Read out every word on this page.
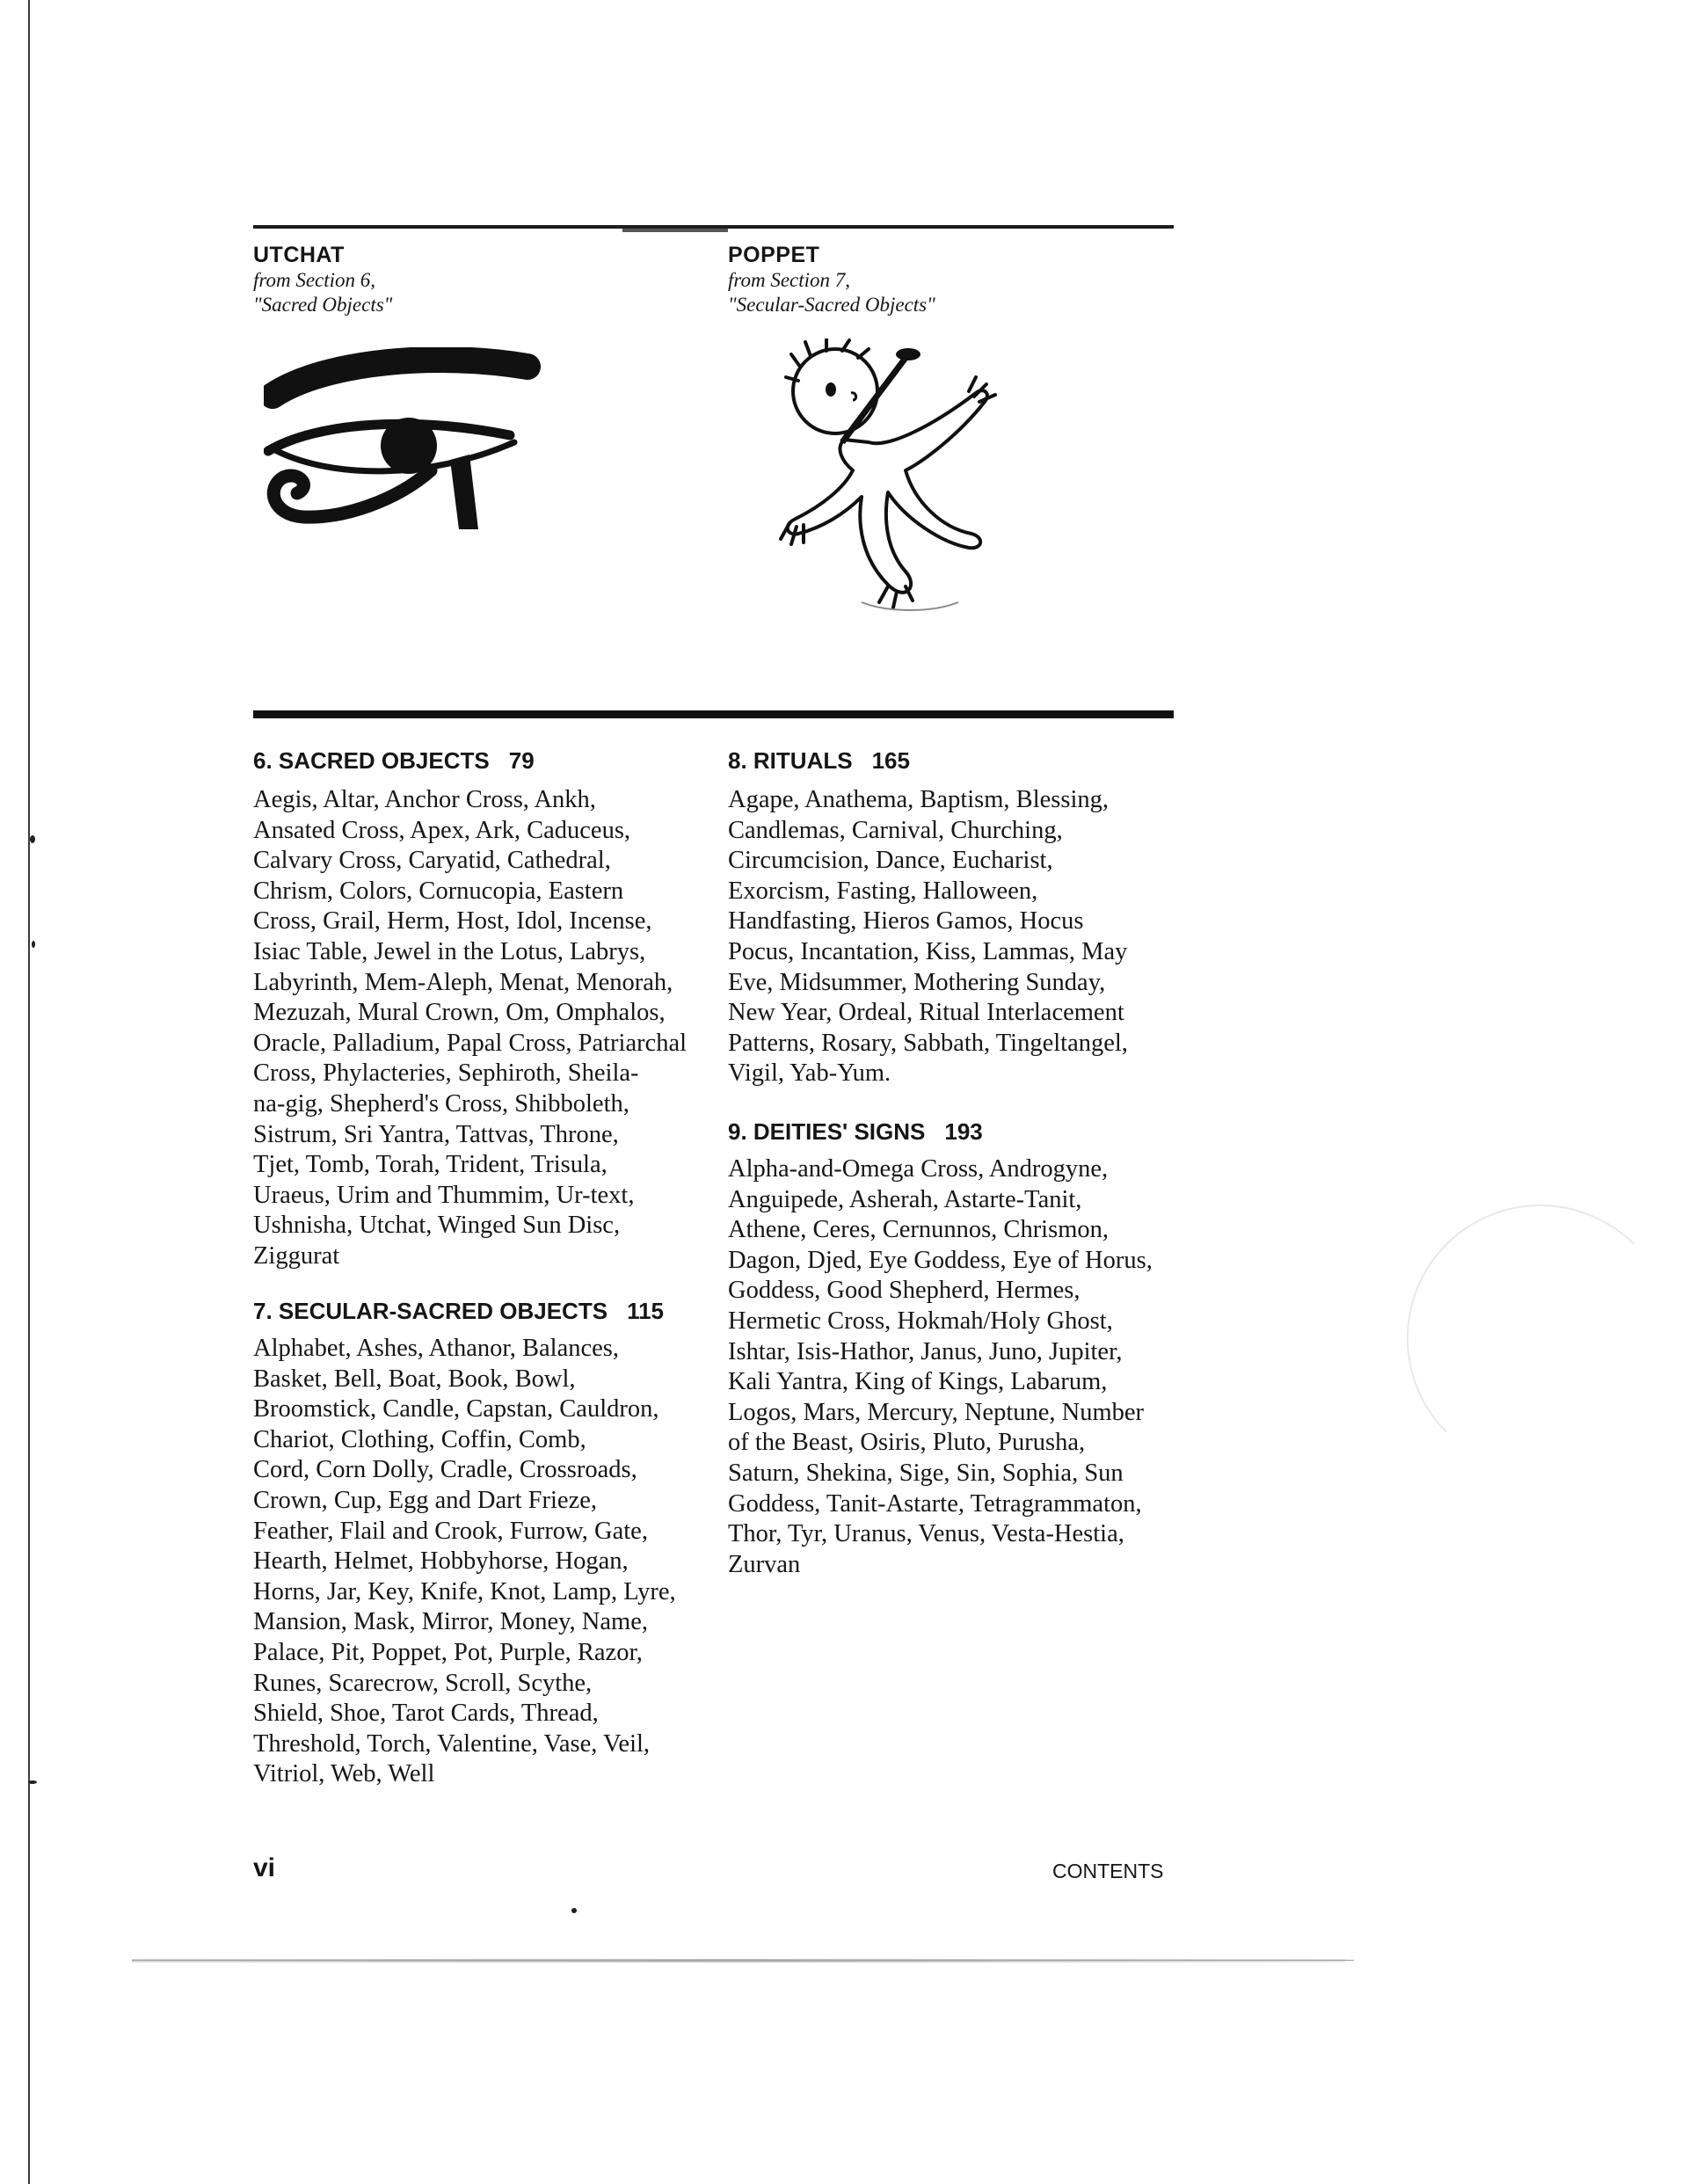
UTCHAT
from Section 6,
"Sacred Objects"
POPPET
from Section 7,
"Secular-Sacred Objects"
6. SACRED OBJECTS 79
Aegis, Altar, Anchor Cross, Ankh,
Ansated Cross, Apex, Ark, Caduceus,
Calvary Cross, Caryatid, Cathedral,
Chrism, Colors, Cornucopia, Eastern
Cross, Grail, Herm, Host, Idol, Incense,
Isiac Table, Jewel in the Lotus, Labrys,
Labyrinth, Mem-Aleph, Menat, Menorah,
Mezuzah, Mural Crown, Om, Omphalos,
Oracle, Palladium, Papal Cross, Patriarchal
Cross, Phylacteries, Sephiroth, Sheila-
na-gig, Shepherd's Cross, Shibboleth,
Sistrum, Sri Yantra, Tattvas, Throne,
Tjet, Tomb, Torah, Trident, Trisula,
Uraeus, Urim and Thummim, Ur-text,
Ushnisha, Utchat, Winged Sun Disc,
Ziggurat
7. SECULAR-SACRED OBJECTS 115
Alphabet, Ashes, Athanor, Balances,
Basket, Bell, Boat, Book, Bowl,
Broomstick, Candle, Capstan, Cauldron,
Chariot, Clothing, Coffin, Comb,
Cord, Corn Dolly, Cradle, Crossroads,
Crown, Cup, Egg and Dart Frieze,
Feather, Flail and Crook, Furrow, Gate,
Hearth, Helmet, Hobbyhorse, Hogan,
Horns, Jar, Key, Knife, Knot, Lamp, Lyre,
Mansion, Mask, Mirror, Money, Name,
Palace, Pit, Poppet, Pot, Purple, Razor,
Runes, Scarecrow, Scroll, Scythe,
Shield, Shoe, Tarot Cards, Thread,
Threshold, Torch, Valentine, Vase, Veil,
Vitriol, Web, Well
8. RITUALS 165
Agape, Anathema, Baptism, Blessing,
Candlemas, Carnival, Churching,
Circumcision, Dance, Eucharist,
Exorcism, Fasting, Halloween,
Handfasting, Hieros Gamos, Hocus
Pocus, Incantation, Kiss, Lammas, May
Eve, Midsummer, Mothering Sunday,
New Year, Ordeal, Ritual Interlacement
Patterns, Rosary, Sabbath, Tingeltangel,
Vigil, Yab-Yum.
9. DEITIES' SIGNS 193
Alpha-and-Omega Cross, Androgyne,
Anguipede, Asherah, Astarte-Tanit,
Athene, Ceres, Cernunnos, Chrismon,
Dagon, Djed, Eye Goddess, Eye of Horus,
Goddess, Good Shepherd, Hermes,
Hermetic Cross, Hokmah/Holy Ghost,
Ishtar, Isis-Hathor, Janus, Juno, Jupiter,
Kali Yantra, King of Kings, Labarum,
Logos, Mars, Mercury, Neptune, Number
of the Beast, Osiris, Pluto, Purusha,
Saturn, Shekina, Sige, Sin, Sophia, Sun
Goddess, Tanit-Astarte, Tetragrammaton,
Thor, Tyr, Uranus, Venus, Vesta-Hestia,
Zurvan
vi	CONTENTS
